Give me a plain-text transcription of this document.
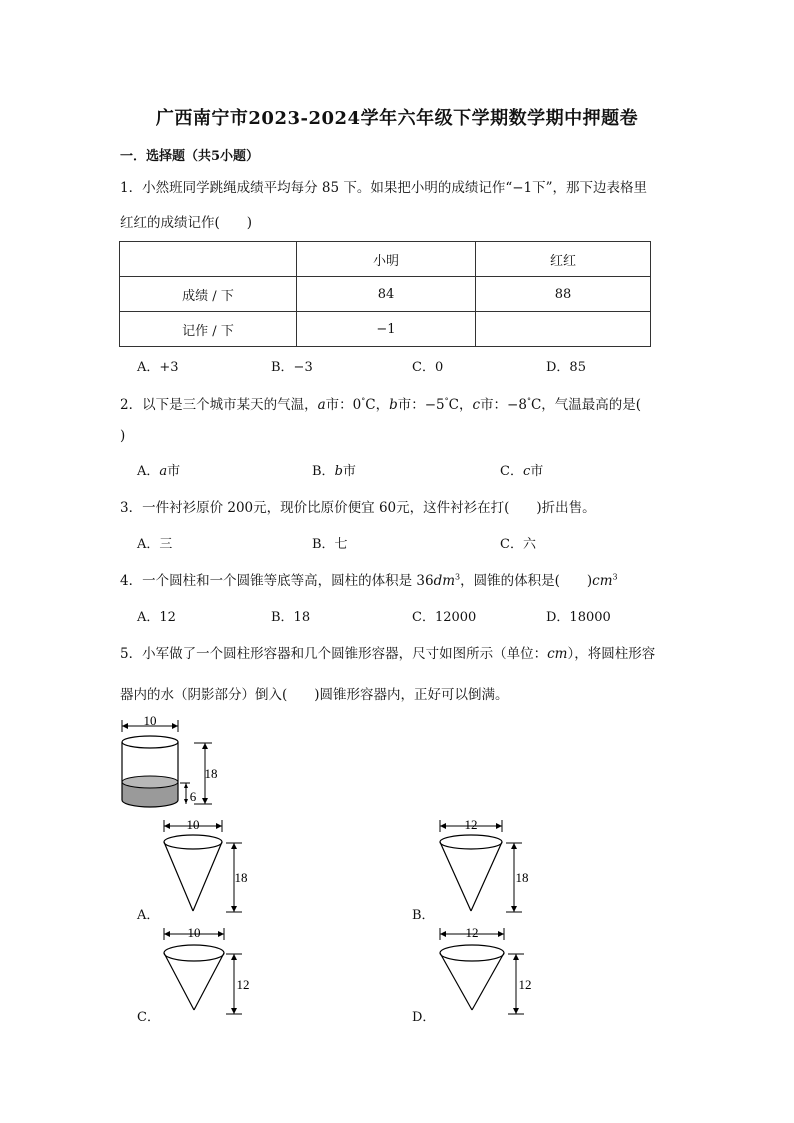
广西南宁市2023-2024学年六年级下学期数学期中押题卷
一．选择题（共5小题）
1．小然班同学跳绳成绩平均每分 85 下。如果把小明的成绩记作“−1下”，那下边表格里
红红的成绩记作(　　)
	小明	红红
成绩 / 下	84	88
记作 / 下	−1	
A．+3	B．−3	C．0	D．85
2．以下是三个城市某天的气温，a市：0°C，b市：−5°C，c市：−8°C，气温最高的是(
)
A．a市	B．b市	C．c市
3．一件衬衫原价 200元，现价比原价便宜 60元，这件衬衫在打(　　)折出售。
A．三	B．七	C．六
4．一个圆柱和一个圆锥等底等高，圆柱的体积是 $36dm^3$，圆锥的体积是(　　)$cm^3$
A．12	B．18	C．12000	D．18000
5．小军做了一个圆柱形容器和几个圆锥形容器，尺寸如图所示（单位：cm），将圆柱形容
器内的水（阴影部分）倒入(　　)圆锥形容器内，正好可以倒满。
10
18
6
A．
10
18
B．
12
18
C．
10
12
D．
12
12
